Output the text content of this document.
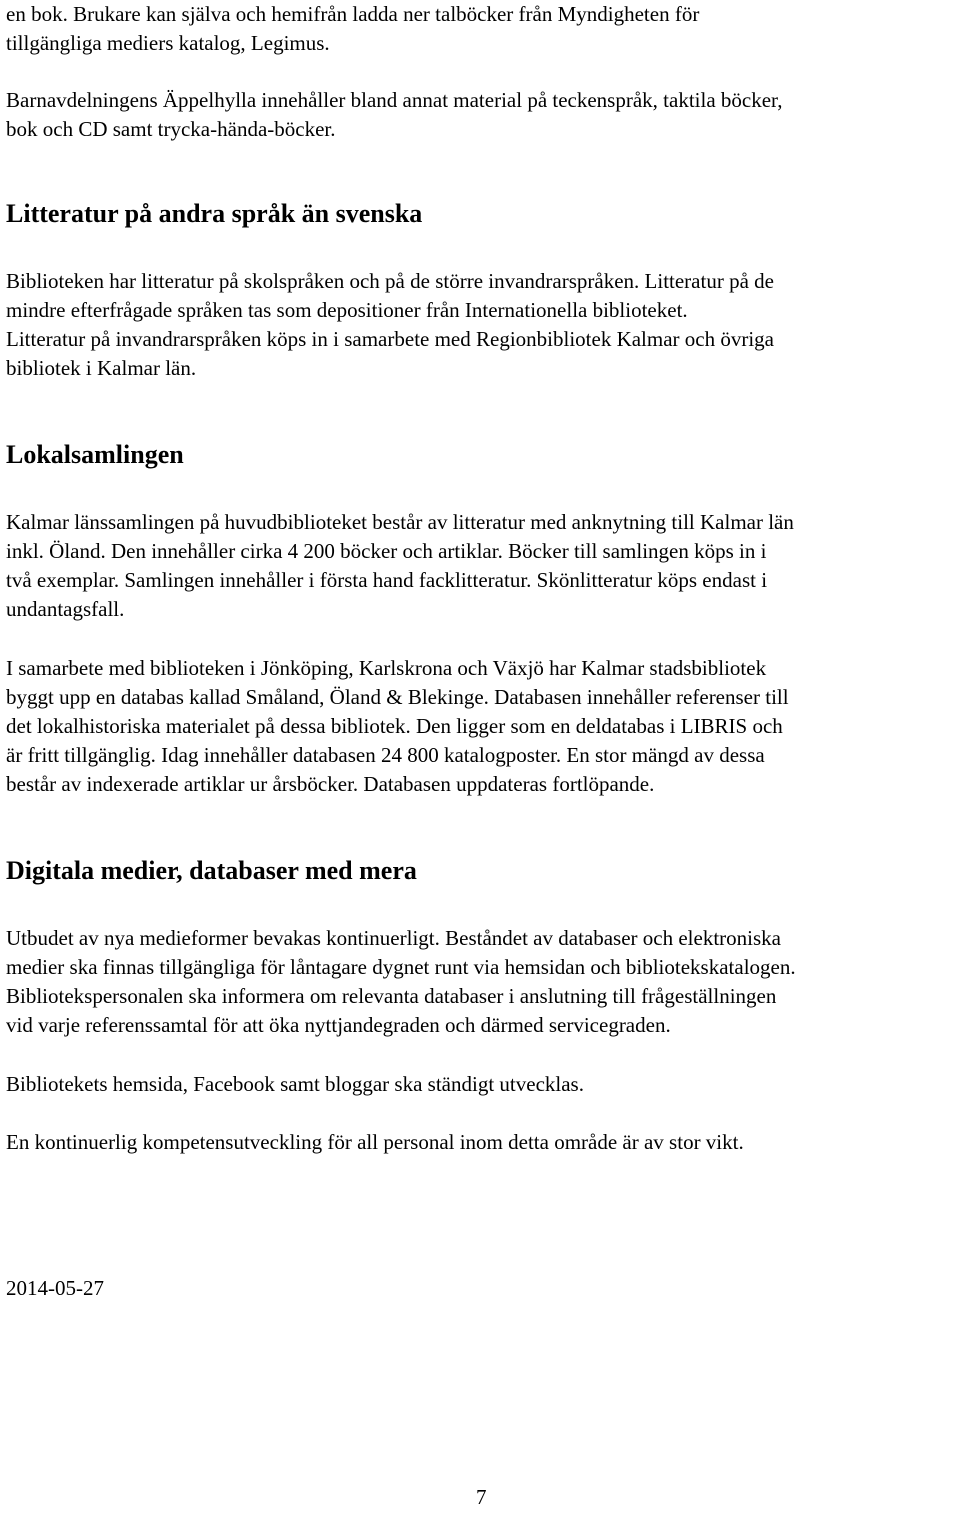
en bok. Brukare kan själva och hemifrån ladda ner talböcker från Myndigheten för

tillgängliga mediers katalog, Legimus.

Barnavdelningens Äppelhylla innehåller bland annat material på teckenspråk, taktila böcker,

bok och CD samt trycka-hända-böcker.

Litteratur på andra språk än svenska

Biblioteken har litteratur på skolspråken och på de större invandrarspråken. Litteratur på de

mindre efterfrågade språken tas som depositioner från Internationella biblioteket.

Litteratur på invandrarspråken köps in i samarbete med Regionbibliotek Kalmar och övriga

bibliotek i Kalmar län.

Lokalsamlingen

Kalmar länssamlingen på huvudbiblioteket består av litteratur med anknytning till Kalmar län

inkl. Öland. Den innehåller cirka 4 200 böcker och artiklar. Böcker till samlingen köps in i

två exemplar. Samlingen innehåller i första hand facklitteratur. Skönlitteratur köps endast i

undantagsfall.

I samarbete med biblioteken i Jönköping, Karlskrona och Växjö har Kalmar stadsbibliotek

byggt upp en databas kallad Småland, Öland & Blekinge. Databasen innehåller referenser till

det lokalhistoriska materialet på dessa bibliotek. Den ligger som en deldatabas i LIBRIS och

är fritt tillgänglig. Idag innehåller databasen 24 800 katalogposter. En stor mängd av dessa

består av indexerade artiklar ur årsböcker. Databasen uppdateras fortlöpande.

Digitala medier, databaser med mera

Utbudet av nya medieformer bevakas kontinuerligt. Beståndet av databaser och elektroniska

medier ska finnas tillgängliga för låntagare dygnet runt via hemsidan och bibliotekskatalogen.

Bibliotekspersonalen ska informera om relevanta databaser i anslutning till frågeställningen

vid varje referenssamtal för att öka nyttjandegraden och därmed servicegraden.

Bibliotekets hemsida, Facebook samt bloggar ska ständigt utvecklas.

En kontinuerlig kompetensutveckling för all personal inom detta område är av stor vikt.

2014-05-27

7
